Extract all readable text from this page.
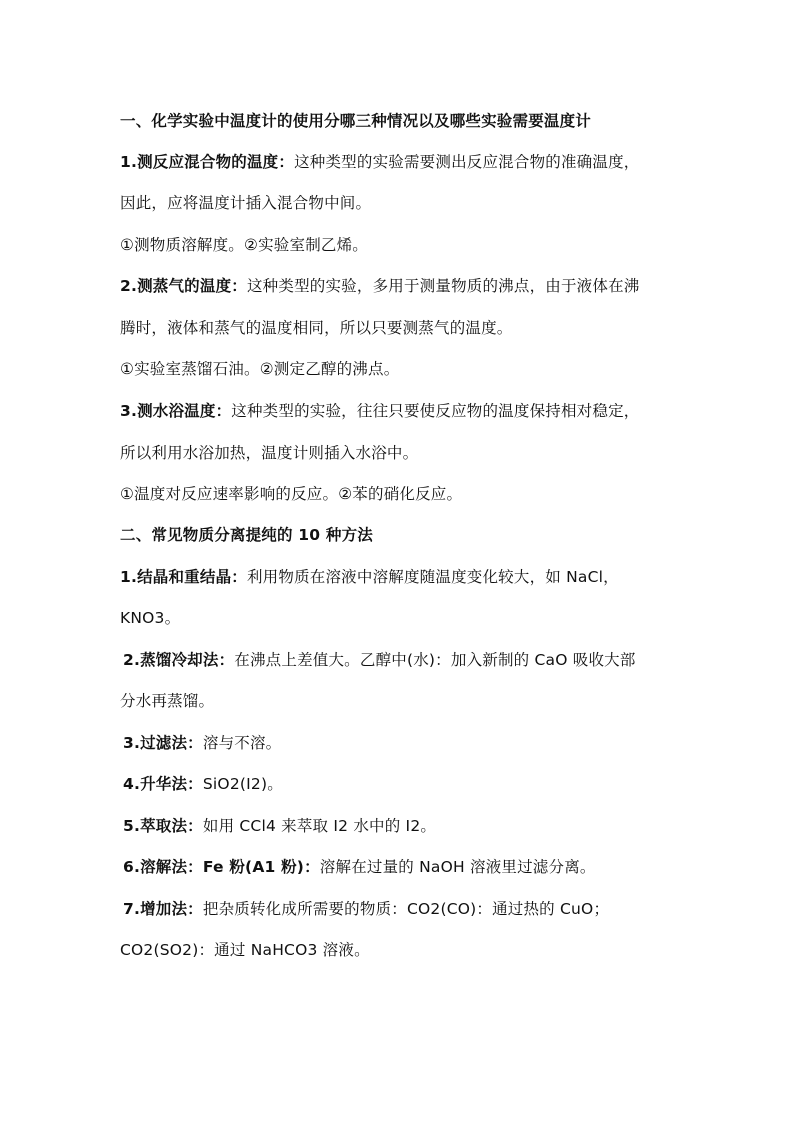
一、化学实验中温度计的使用分哪三种情况以及哪些实验需要温度计
1.测反应混合物的温度：这种类型的实验需要测出反应混合物的准确温度，
因此，应将温度计插入混合物中间。
①测物质溶解度。②实验室制乙烯。
2.测蒸气的温度：这种类型的实验，多用于测量物质的沸点，由于液体在沸
腾时，液体和蒸气的温度相同，所以只要测蒸气的温度。
①实验室蒸馏石油。②测定乙醇的沸点。
3.测水浴温度：这种类型的实验，往往只要使反应物的温度保持相对稳定，
所以利用水浴加热，温度计则插入水浴中。
①温度对反应速率影响的反应。②苯的硝化反应。
二、常见物质分离提纯的 10 种方法
1.结晶和重结晶：利用物质在溶液中溶解度随温度变化较大，如 NaCl，
KNO3。
2.蒸馏冷却法：在沸点上差值大。乙醇中(水)：加入新制的 CaO 吸收大部
分水再蒸馏。
3.过滤法：溶与不溶。
4.升华法：SiO2(I2)。
5.萃取法：如用 CCl4 来萃取 I2 水中的 I2。
6.溶解法：Fe 粉(A1 粉)：溶解在过量的 NaOH 溶液里过滤分离。
7.增加法：把杂质转化成所需要的物质：CO2(CO)：通过热的 CuO；
CO2(SO2)：通过 NaHCO3 溶液。
